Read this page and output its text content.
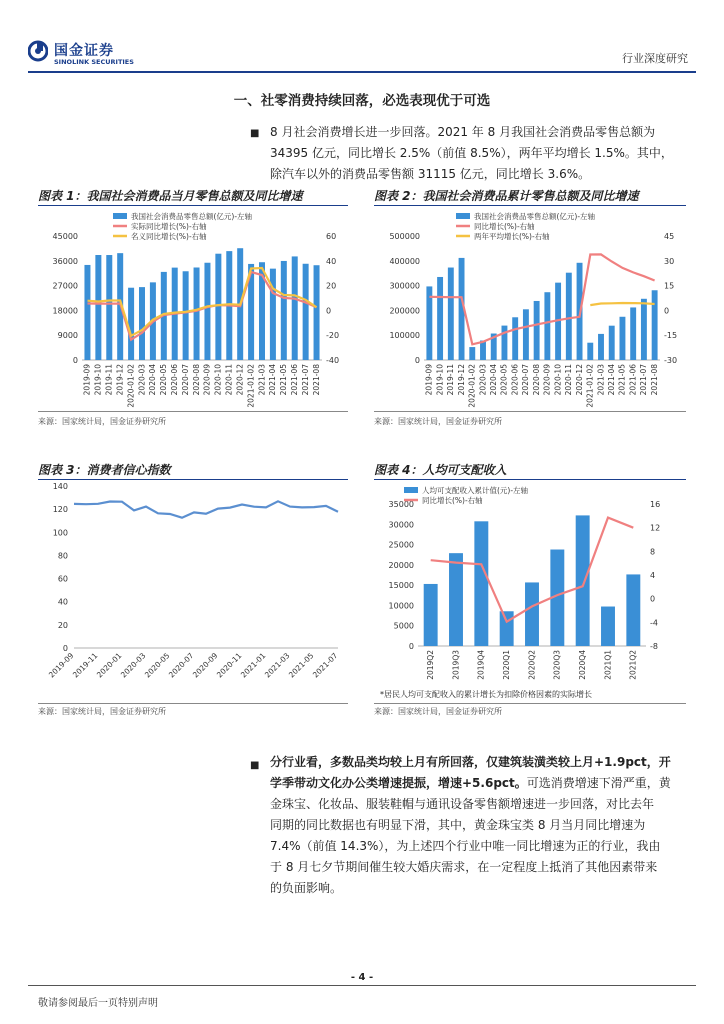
国金证券
SINOLINK SECURITIES	行业深度研究
一、社零消费持续回落，必选表现优于可选
■ 8 月社会消费增长进一步回落。2021 年 8 月我国社会消费品零售总额为
34395 亿元，同比增长 2.5%（前值 8.5%），两年平均增长 1.5%。其中，
除汽车以外的消费品零售额 31115 亿元，同比增长 3.6%。
图表 1：我国社会消费品当月零售总额及同比增速
0
9000
18000
27000
36000
45000
-40
-20
0
20
40
60
2019-09 2019-10 2019-11 2019-12 2020-01-02 2020-03 2020-04 2020-05 2020-06 2020-07 2020-08 2020-09 2020-10 2020-11 2020-12 2021-01-02 2021-03 2021-04 2021-05 2021-06 2021-07 2021-08
我国社会消费品零售总额(亿元)-左轴
实际同比增长(%)-右轴
名义同比增长(%)-右轴
来源：国家统计局，国金证券研究所
图表 2：我国社会消费品累计零售总额及同比增速
0
100000
200000
300000
400000
500000
-30
-15
0
15
30
45
2019-09 2019-10 2019-11 2019-12 2020-01-02 2020-03 2020-04 2020-05 2020-06 2020-07 2020-08 2020-09 2020-10 2020-11 2020-12 2021-01-02 2021-03 2021-04 2021-05 2021-06 2021-07 2021-08
我国社会消费品零售总额(亿元)-左轴
同比增长(%)-右轴
两年平均增长(%)-右轴
来源：国家统计局，国金证券研究所
图表 3：消费者信心指数
0
20
40
60
80
100
120
140
2019-09
2019-11
2020-01
2020-03
2020-05
2020-07
2020-09
2020-11
2021-01
2021-03
2021-05
2021-07
来源：国家统计局，国金证券研究所
图表 4：人均可支配收入
0
5000
10000
15000
20000
25000
30000
35000
-8
-4
0
4
8
12
16
2019Q2 2019Q3 2019Q4 2020Q1 2020Q2 2020Q3 2020Q4 2021Q1 2021Q2
人均可支配收入累计值(元)-左轴
同比增长(%)-右轴
*居民人均可支配收入的累计增长为扣除价格因素的实际增长
来源：国家统计局，国金证券研究所
■ 分行业看，多数品类均较上月有所回落，仅建筑装潢类较上月+1.9pct，开
学季带动文化办公类增速提振，增速+5.6pct。可选消费增速下滑严重，黄
金珠宝、化妆品、服装鞋帽与通讯设备零售额增速进一步回落，对比去年
同期的同比数据也有明显下滑，其中，黄金珠宝类 8 月当月同比增速为
7.4%（前值 14.3%），为上述四个行业中唯一同比增速为正的行业，我由
于 8 月七夕节期间催生较大婚庆需求，在一定程度上抵消了其他因素带来
的负面影响。
- 4 -
敬请参阅最后一页特别声明
